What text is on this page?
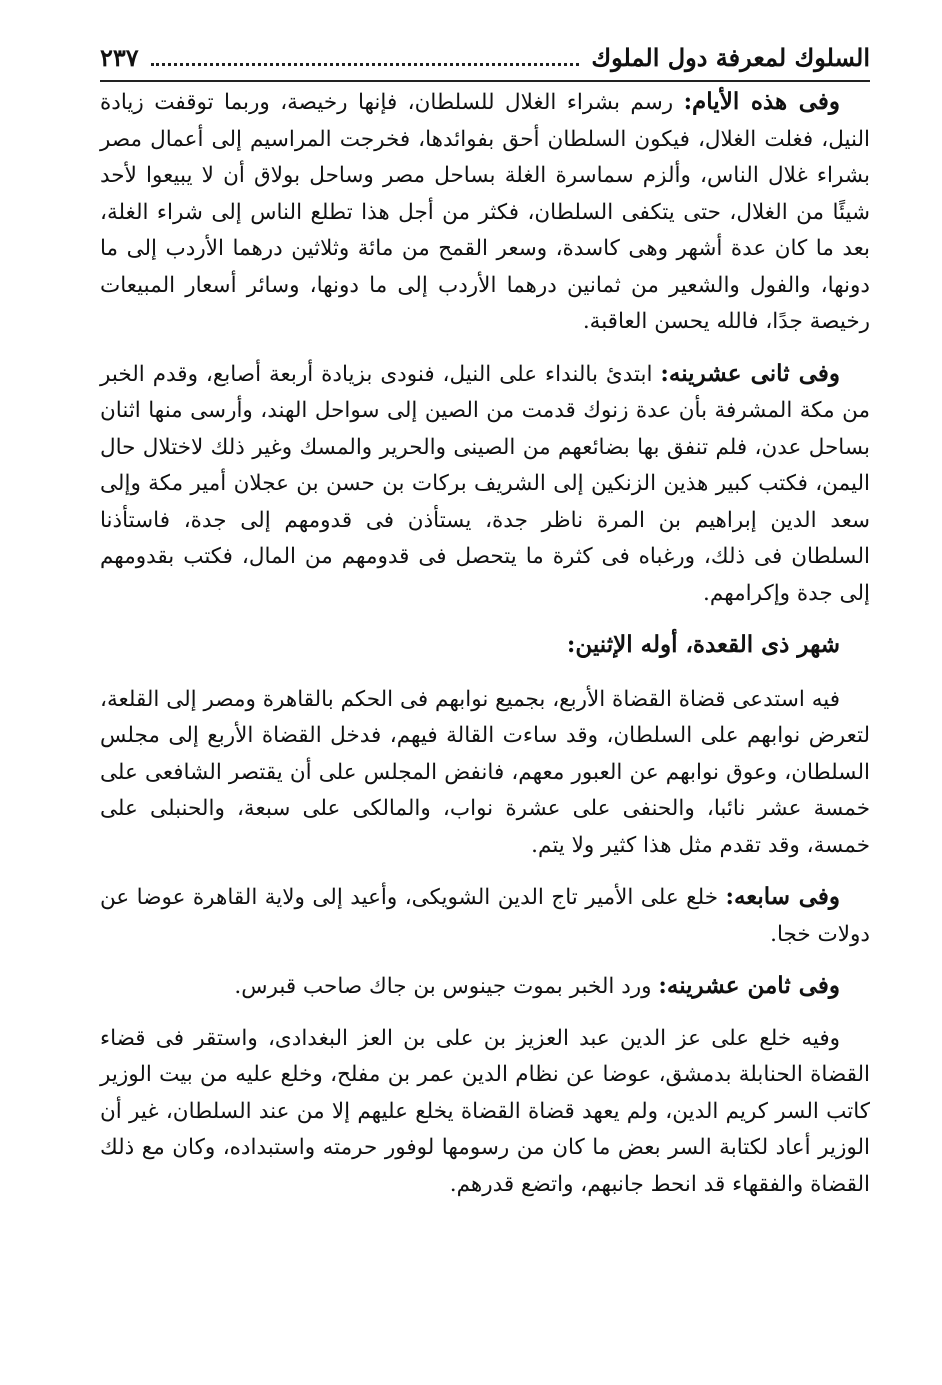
السلوك لمعرفة دول الملوك
٢٣٧

وفى هذه الأيام: رسم بشراء الغلال للسلطان، فإنها رخيصة، وربما توقفت زيادة النيل، فغلت الغلال، فيكون السلطان أحق بفوائدها، فخرجت المراسيم إلى أعمال مصر بشراء غلال الناس، وألزم سماسرة الغلة بساحل مصر وساحل بولاق أن لا يبيعوا لأحد شيئًا من الغلال، حتى يتكفى السلطان، فكثر من أجل هذا تطلع الناس إلى شراء الغلة، بعد ما كان عدة أشهر وهى كاسدة، وسعر القمح من مائة وثلاثين درهما الأردب إلى ما دونها، والفول والشعير من ثمانين درهما الأردب إلى ما دونها، وسائر أسعار المبيعات رخيصة جدًا، فالله يحسن العاقبة.

وفى ثانى عشرينه: ابتدئ بالنداء على النيل، فنودى بزيادة أربعة أصابع، وقدم الخبر من مكة المشرفة بأن عدة زنوك قدمت من الصين إلى سواحل الهند، وأرسى منها اثنان بساحل عدن، فلم تنفق بها بضائعهم من الصينى والحرير والمسك وغير ذلك لاختلال حال اليمن، فكتب كبير هذين الزنكين إلى الشريف بركات بن حسن بن عجلان أمير مكة وإلى سعد الدين إبراهيم بن المرة ناظر جدة، يستأذن فى قدومهم إلى جدة، فاستأذنا السلطان فى ذلك، ورغباه فى كثرة ما يتحصل فى قدومهم من المال، فكتب بقدومهم إلى جدة وإكرامهم.

شهر ذى القعدة، أوله الإثنين:

فيه استدعى قضاة القضاة الأربع، بجميع نوابهم فى الحكم بالقاهرة ومصر إلى القلعة، لتعرض نوابهم على السلطان، وقد ساءت القالة فيهم، فدخل القضاة الأربع إلى مجلس السلطان، وعوق نوابهم عن العبور معهم، فانفض المجلس على أن يقتصر الشافعى على خمسة عشر نائبا، والحنفى على عشرة نواب، والمالكى على سبعة، والحنبلى على خمسة، وقد تقدم مثل هذا كثير ولا يتم.

وفى سابعه: خلع على الأمير تاج الدين الشويكى، وأعيد إلى ولاية القاهرة عوضا عن دولات خجا.

وفى ثامن عشرينه: ورد الخبر بموت جينوس بن جاك صاحب قبرس.

وفيه خلع على عز الدين عبد العزيز بن على بن العز البغدادى، واستقر فى قضاء القضاة الحنابلة بدمشق، عوضا عن نظام الدين عمر بن مفلح، وخلع عليه من بيت الوزير كاتب السر كريم الدين، ولم يعهد قضاة القضاة يخلع عليهم إلا من عند السلطان، غير أن الوزير أعاد لكتابة السر بعض ما كان من رسومها لوفور حرمته واستبداده، وكان مع ذلك القضاة والفقهاء قد انحط جانبهم، واتضع قدرهم.
